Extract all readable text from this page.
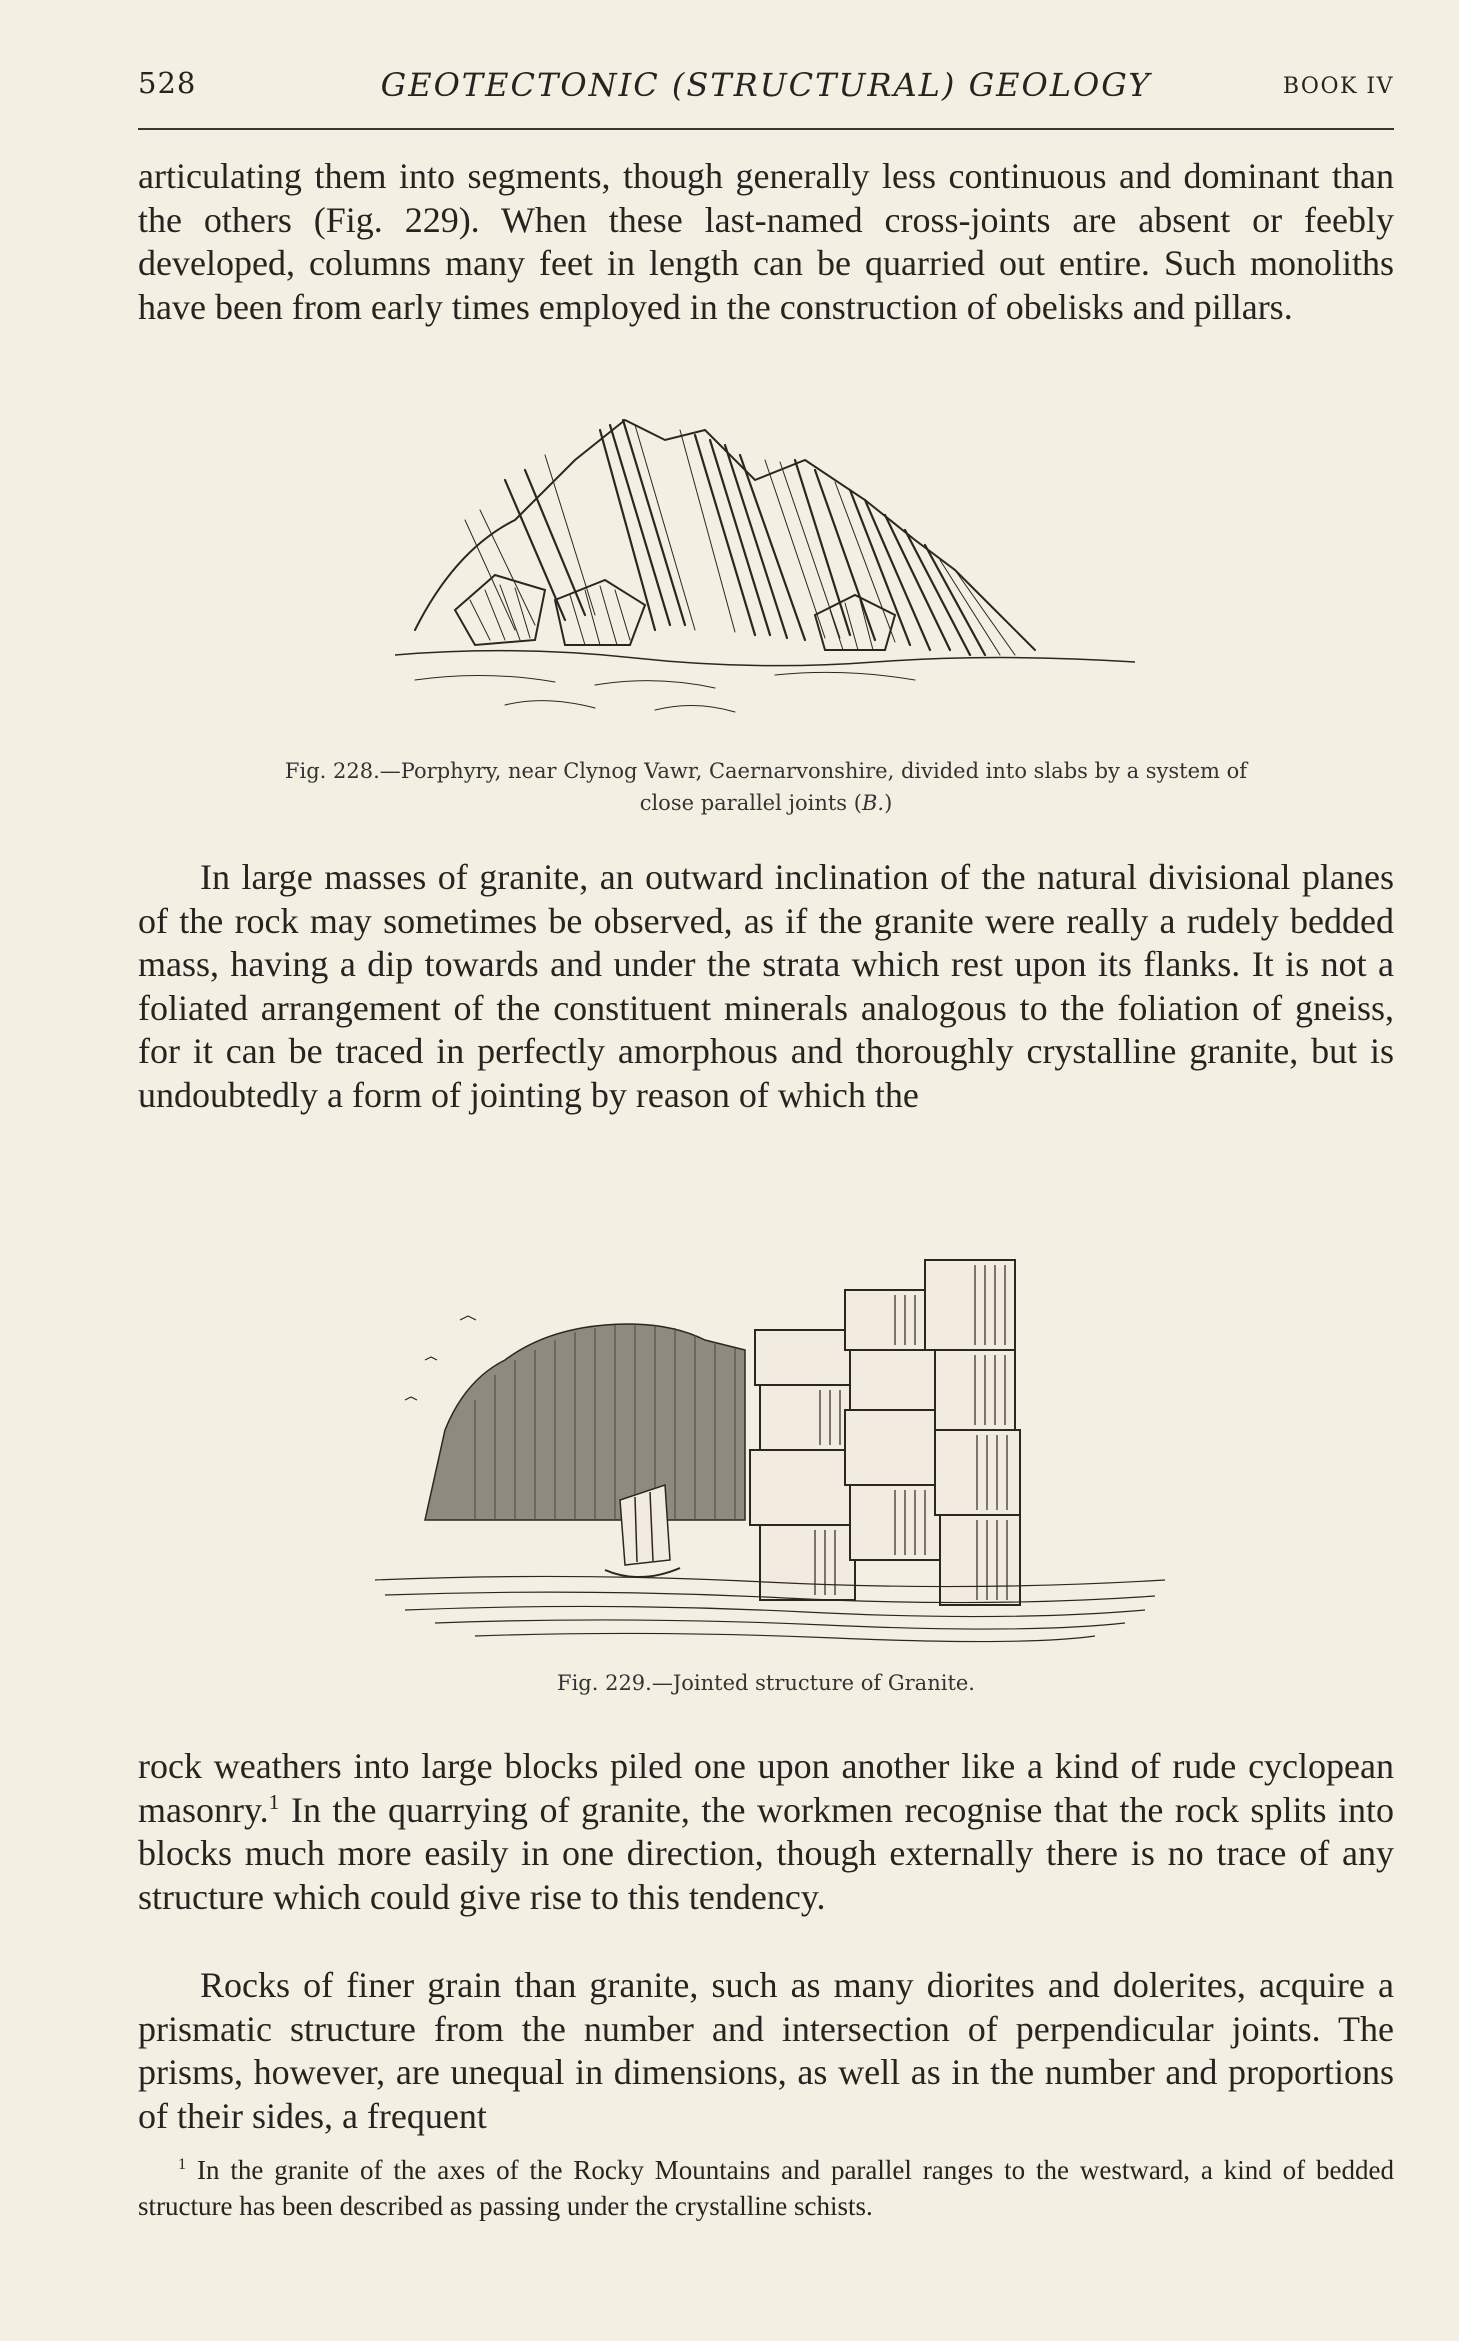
528	GEOTECTONIC (STRUCTURAL) GEOLOGY	BOOK IV

articulating them into segments, though generally less continuous and dominant than the others (Fig. 229). When these last-named cross-joints are absent or feebly developed, columns many feet in length can be quarried out entire. Such monoliths have been from early times employed in the construction of obelisks and pillars.

Fig. 228.—Porphyry, near Clynog Vawr, Caernarvonshire, divided into slabs by a system of
close parallel joints (B.)

In large masses of granite, an outward inclination of the natural divisional planes of the rock may sometimes be observed, as if the granite were really a rudely bedded mass, having a dip towards and under the strata which rest upon its flanks. It is not a foliated arrangement of the constituent minerals analogous to the foliation of gneiss, for it can be traced in perfectly amorphous and thoroughly crystalline granite, but is undoubtedly a form of jointing by reason of which the

Fig. 229.—Jointed structure of Granite.

rock weathers into large blocks piled one upon another like a kind of rude cyclopean masonry.$^1$ In the quarrying of granite, the workmen recognise that the rock splits into blocks much more easily in one direction, though externally there is no trace of any structure which could give rise to this tendency.

Rocks of finer grain than granite, such as many diorites and dolerites, acquire a prismatic structure from the number and intersection of perpendicular joints. The prisms, however, are unequal in dimensions, as well as in the number and proportions of their sides, a frequent

$^1$ In the granite of the axes of the Rocky Mountains and parallel ranges to the westward, a kind of bedded structure has been described as passing under the crystalline schists.
